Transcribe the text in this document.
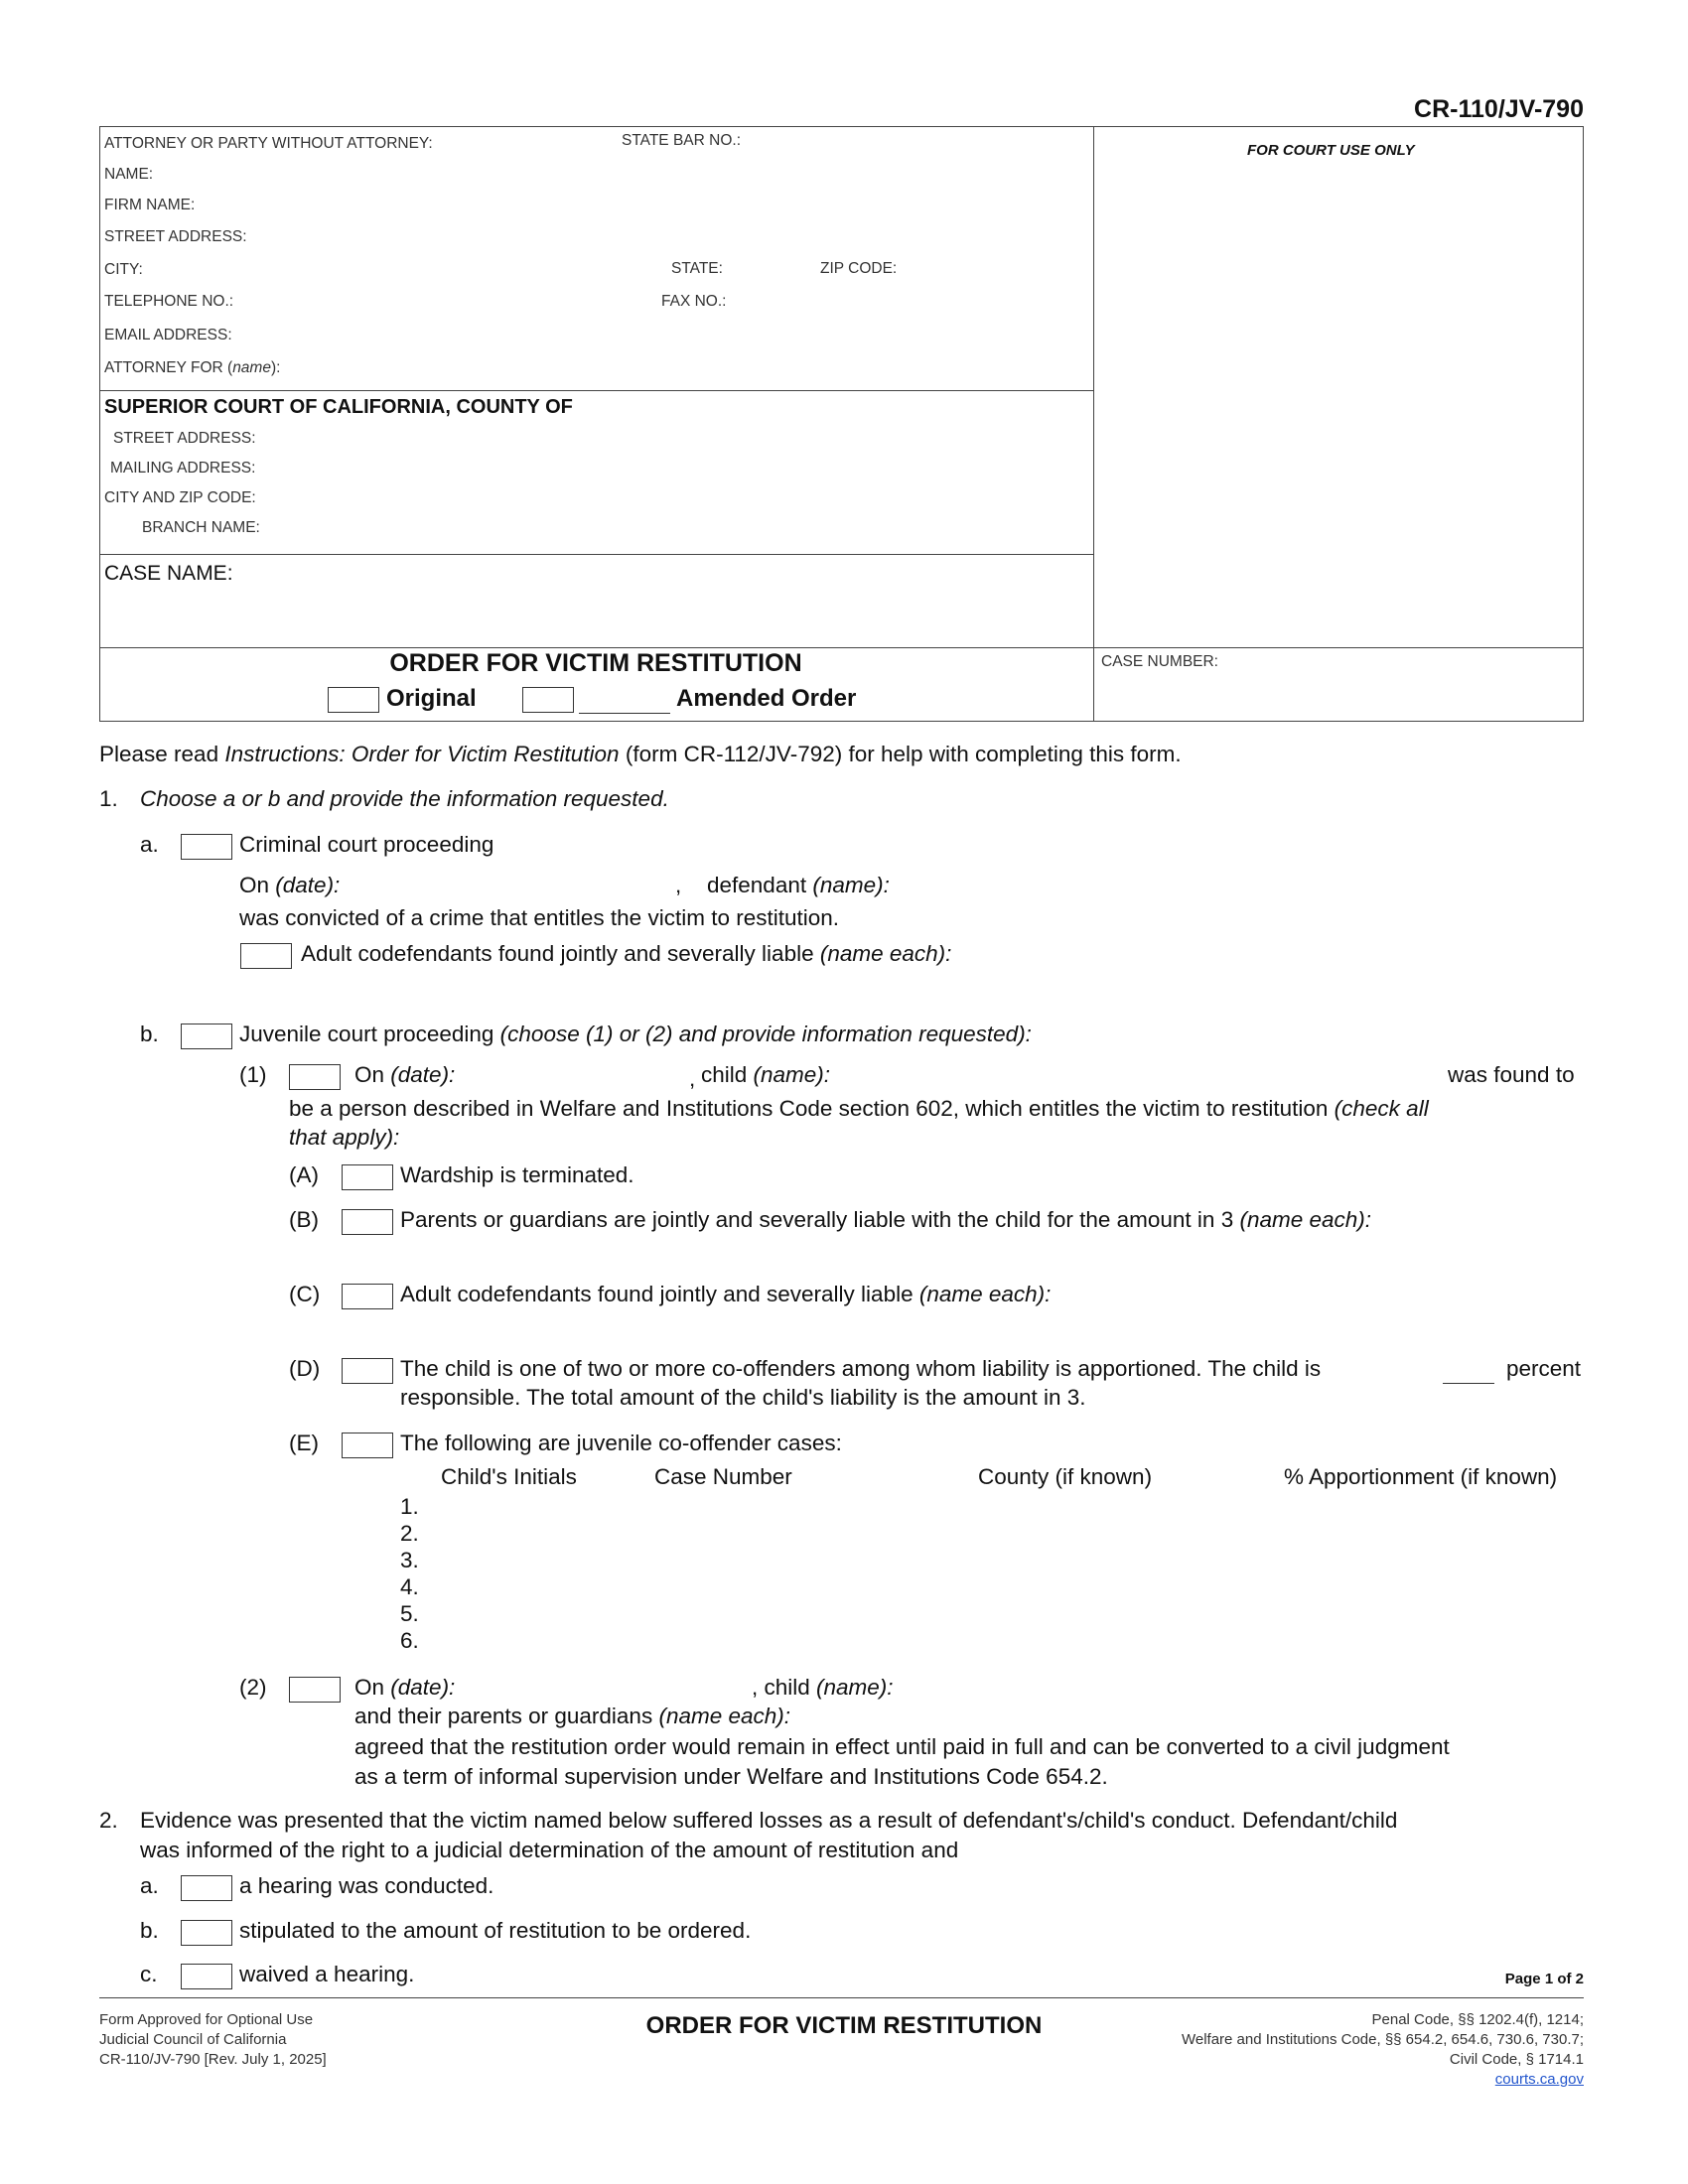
CR-110/JV-790
ATTORNEY OR PARTY WITHOUT ATTORNEY:	STATE BAR NO.:
NAME:
FIRM NAME:
STREET ADDRESS:
CITY:	STATE:	ZIP CODE:
TELEPHONE NO.:	FAX NO.:
EMAIL ADDRESS:
ATTORNEY FOR (name):
FOR COURT USE ONLY
SUPERIOR COURT OF CALIFORNIA, COUNTY OF
STREET ADDRESS:
MAILING ADDRESS:
CITY AND ZIP CODE:
BRANCH NAME:
CASE NAME:
ORDER FOR VICTIM RESTITUTION
Original	Amended Order
CASE NUMBER:
Please read Instructions: Order for Victim Restitution (form CR-112/JV-792) for help with completing this form.
1. Choose a or b and provide the information requested.
a.	Criminal court proceeding
On (date):	, defendant (name):
was convicted of a crime that entitles the victim to restitution.
Adult codefendants found jointly and severally liable (name each):
b.	Juvenile court proceeding (choose (1) or (2) and provide information requested):
(1)	On (date):	, child (name):	was found to
be a person described in Welfare and Institutions Code section 602, which entitles the victim to restitution (check all
that apply):
(A)	Wardship is terminated.
(B)	Parents or guardians are jointly and severally liable with the child for the amount in 3 (name each):
(C)	Adult codefendants found jointly and severally liable (name each):
(D)	The child is one of two or more co-offenders among whom liability is apportioned. The child is	percent
responsible. The total amount of the child's liability is the amount in 3.
(E)	The following are juvenile co-offender cases:
Child's Initials	Case Number	County (if known)	% Apportionment (if known)
1.
2.
3.
4.
5.
6.
(2)	On (date):	, child (name):
and their parents or guardians (name each):
agreed that the restitution order would remain in effect until paid in full and can be converted to a civil judgment
as a term of informal supervision under Welfare and Institutions Code 654.2.
2. Evidence was presented that the victim named below suffered losses as a result of defendant's/child's conduct. Defendant/child
was informed of the right to a judicial determination of the amount of restitution and
a.	a hearing was conducted.
b.	stipulated to the amount of restitution to be ordered.
c.	waived a hearing.	Page 1 of 2
Form Approved for Optional Use
Judicial Council of California
CR-110/JV-790 [Rev. July 1, 2025]
ORDER FOR VICTIM RESTITUTION	Penal Code, §§ 1202.4(f), 1214;
Welfare and Institutions Code, §§ 654.2, 654.6, 730.6, 730.7;
Civil Code, § 1714.1
courts.ca.gov
